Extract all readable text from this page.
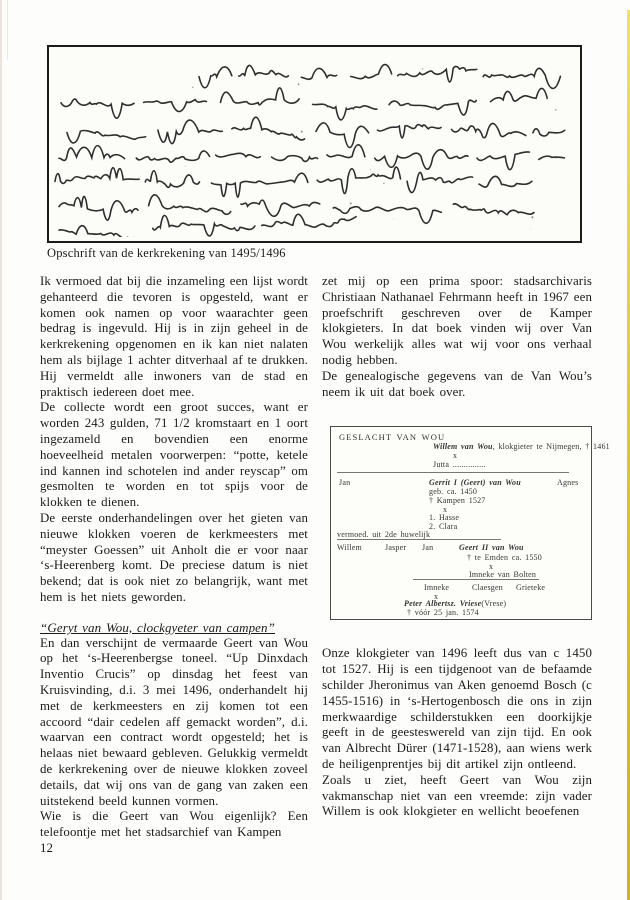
Opschrift van de kerkrekening van 1495/1496

Ik vermoed dat bij die inzameling een lijst wordt gehanteerd die tevoren is opgesteld, want er komen ook namen op voor waarachter geen bedrag is ingevuld. Hij is in zijn geheel in de kerkrekening opgenomen en ik kan niet nalaten hem als bijlage 1 achter ditverhaal af te drukken. Hij vermeldt alle inwoners van de stad en praktisch iedereen doet mee.

De collecte wordt een groot succes, want er worden 243 gulden, 71 1/2 kromstaart en 1 oort ingezameld en bovendien een enorme hoeveelheid metalen voorwerpen: “potte, ketele ind kannen ind schotelen ind ander reyscap” om gesmolten te worden en tot spijs voor de klokken te dienen.

De eerste onderhandelingen over het gieten van nieuwe klokken voeren de kerkmeesters met “meyster Goessen” uit Anholt die er voor naar ‘s-Heerenberg komt. De preciese datum is niet bekend; dat is ook niet zo belangrijk, want met hem is het niets geworden.

“Geryt van Wou, clockgyeter van campen”

En dan verschijnt de vermaarde Geert van Wou op het ‘s-Heerenbergse toneel. “Up Dinxdach Inventio Crucis” op dinsdag het feest van Kruisvinding, d.i. 3 mei 1496, onderhandelt hij met de kerkmeesters en zij komen tot een accoord “dair cedelen aff gemackt worden”, d.i. waarvan een contract wordt opgesteld; het is helaas niet bewaard gebleven. Gelukkig vermeldt de kerkrekening over de nieuwe klokken zoveel details, dat wij ons van de gang van zaken een uitstekend beeld kunnen vormen.

Wie is die Geert van Wou eigenlijk? Een telefoontje met het stadsarchief van Kampen

12

zet mij op een prima spoor: stadsarchivaris Christiaan Nathanael Fehrmann heeft in 1967 een proefschrift geschreven over de Kamper klokgieters. In dat boek vinden wij over Van Wou werkelijk alles wat wij voor ons verhaal nodig hebben.

De genealogische gegevens van de Van Wou’s neem ik uit dat boek over.

GESLACHT VAN WOU
Willem van Wou , klokgieter te Nijmegen, † 1461
x
Jutta ...............
Jan	Gerrit I (Geert) van Wou	Agnes
geb. ca. 1450
† Kampen 1527
x
1. Hasse
2. Clara
vermoed. uit 2de huwelijk
Willem	Jasper Jan	Geert II van Wou
† te Emden ca. 1550
x
Imneke van Bolten
Imneke	Claesgen Grieteke
x
Peter Albertsz. Vriese (Vrese)
† vóór 25 jan. 1574

Onze klokgieter van 1496 leeft dus van c 1450 tot 1527. Hij is een tijdgenoot van de befaamde schilder Jheronimus van Aken genoemd Bosch (c 1455-1516) in ‘s-Hertogenbosch die ons in zijn merkwaardige schilderstukken een doorkijkje geeft in de geesteswereld van zijn tijd. En ook van Albrecht Dürer (1471-1528), aan wiens werk de heiligenprentjes bij dit artikel zijn ontleend.

Zoals u ziet, heeft Geert van Wou zijn vakmanschap niet van een vreemde: zijn vader Willem is ook klokgieter en wellicht beoefenen
